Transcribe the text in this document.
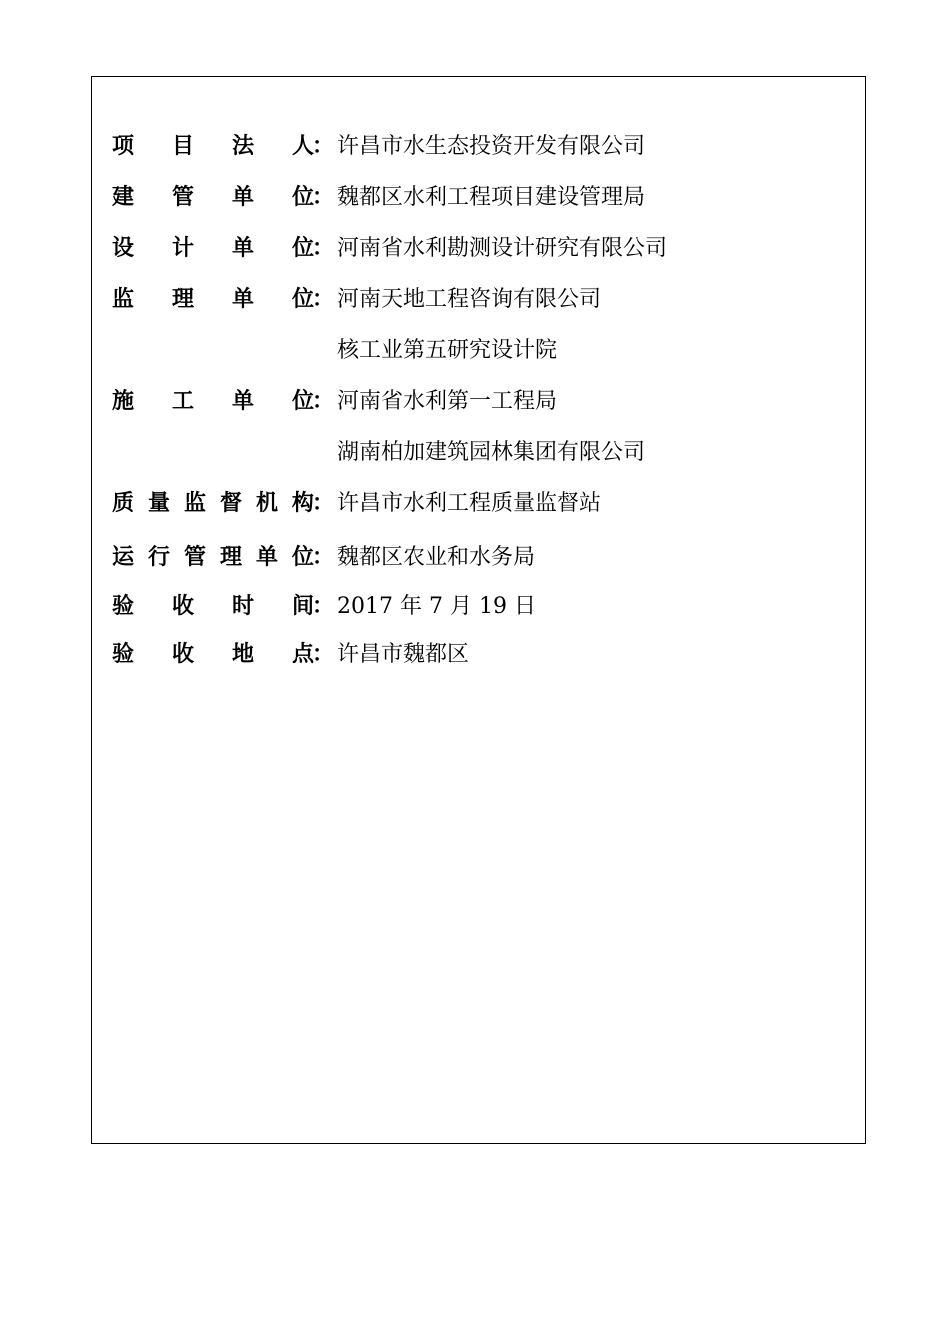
项 目 法 人
： 许昌市水生态投资开发有限公司
建 管 单 位
： 魏都区水利工程项目建设管理局
设 计 单 位
： 河南省水利勘测设计研究有限公司
监 理 单 位
： 河南天地工程咨询有限公司
核工业第五研究设计院
施 工 单 位
： 河南省水利第一工程局
湖南柏加建筑园林集团有限公司
质 量 监 督 机 构
： 许昌市水利工程质量监督站
运 行 管 理 单 位
： 魏都区农业和水务局
验 收 时 间
： 2017 年 7 月 19 日
验 收 地 点
： 许昌市魏都区
